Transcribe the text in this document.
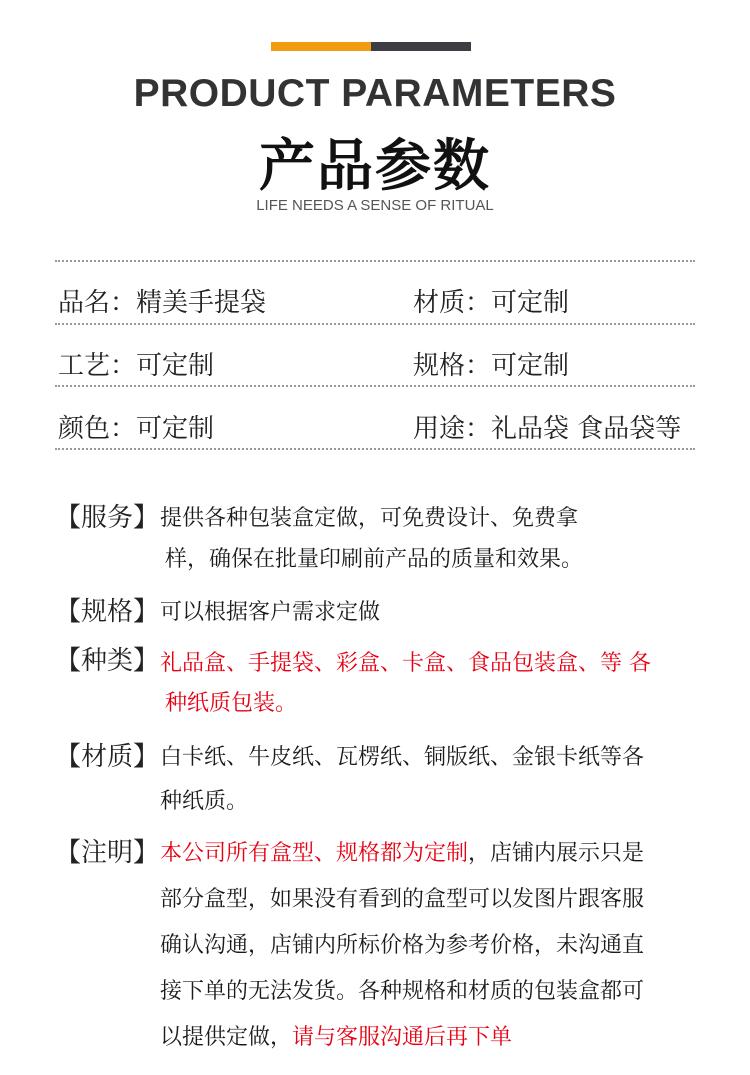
PRODUCT PARAMETERS
产品参数
LIFE NEEDS A SENSE OF RITUAL
品名：精美手提袋	材质：可定制
工艺：可定制	规格：可定制
颜色：可定制	用途：礼品袋 食品袋等
【服务】 提供各种包装盒定做，可免费设计、免费拿
样，确保在批量印刷前产品的质量和效果。
【规格】 可以根据客户需求定做
【种类】 礼品盒、手提袋、彩盒、卡盒、食品包装盒、等 各
种纸质包装。
【材质】 白卡纸、牛皮纸、瓦楞纸、铜版纸、金银卡纸等各
种纸质。
【注明】 本公司所有盒型、规格都为定制，店铺内展示只是
部分盒型，如果没有看到的盒型可以发图片跟客服
确认沟通，店铺内所标价格为参考价格，未沟通直
接下单的无法发货。各种规格和材质的包装盒都可
以提供定做，请与客服沟通后再下单
